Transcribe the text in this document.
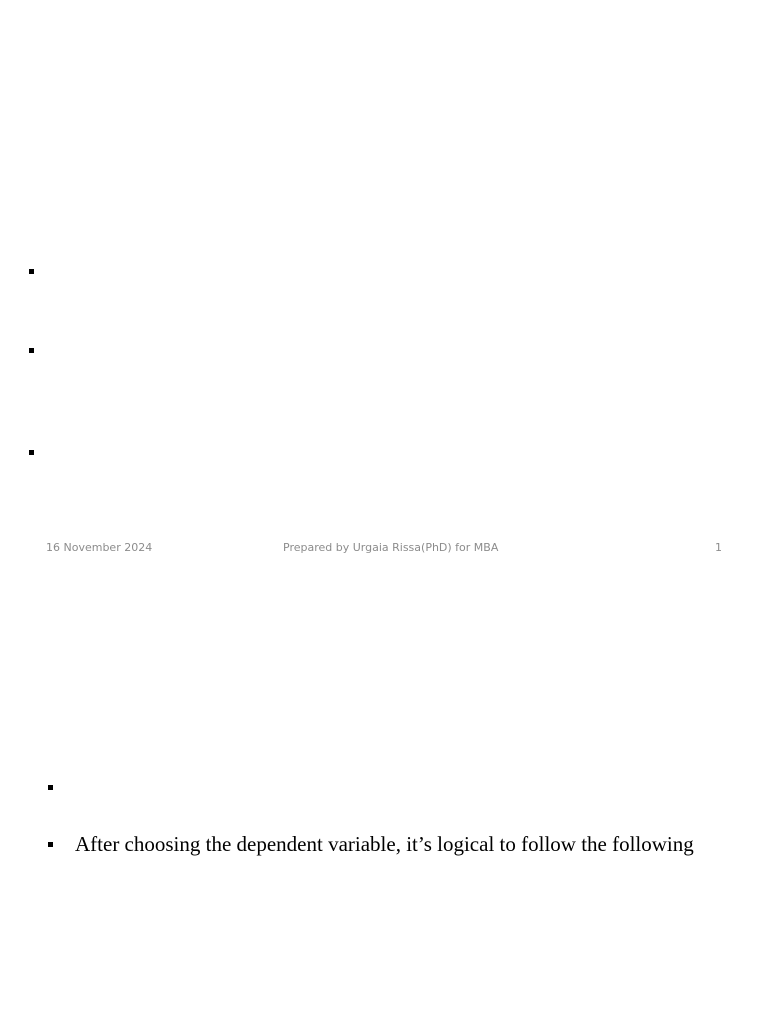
16 November 2024	Prepared by Urgaia Rissa(PhD) for MBA	1
After choosing the dependent variable, it’s logical to follow the following
